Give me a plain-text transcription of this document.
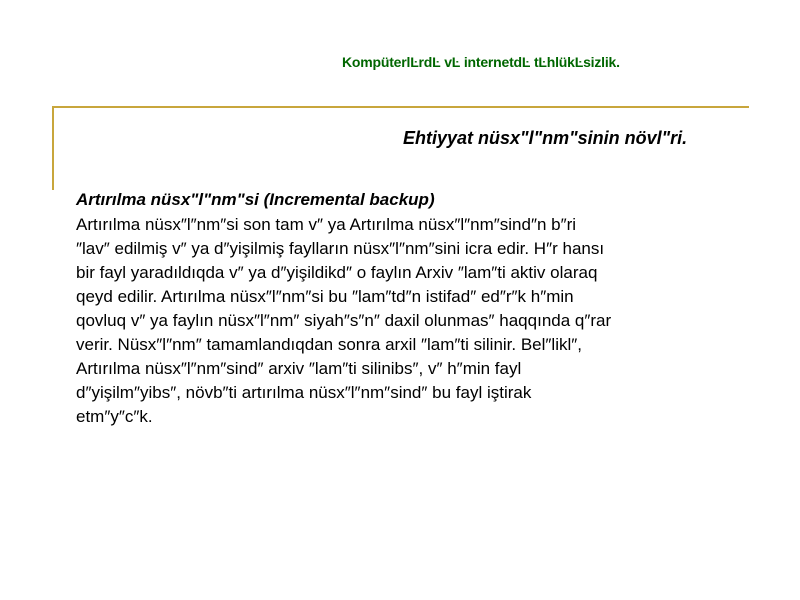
KompüterlĿrdĿ vĿ internetdĿ tĿhlükĿsizlik.
Ehtiyyat nüsx"l"nm"sinin növl"ri.
Artırılma nüsx"l"nm"si (Incremental backup)
Artırılma nüsx″l″nm″si son tam v″ ya Artırılma nüsx″l″nm″sind″n b″ri
″lav″ edilmiş v″ ya d″yişilmiş faylların nüsx″l″nm″sini icra edir. H″r hansı
bir fayl yaradıldıqda v″ ya d″yişildikd″ o faylın Arxiv ″lam″ti aktiv olaraq
qeyd edilir. Artırılma nüsx″l″nm″si bu ″lam″td″n istifad″ ed″r″k h″min
qovluq v″ ya faylın nüsx″l″nm″ siyah″s″n″ daxil olunmas″ haqqında q″rar
verir. Nüsx″l″nm″ tamamlandıqdan sonra arxil ″lam″ti silinir. Bel″likl″,
Artırılma nüsx″l″nm″sind″ arxiv ″lam″ti silinibs″, v″ h″min fayl
d″yişilm″yibs″, növb″ti artırılma nüsx″l″nm″sind″ bu fayl iştirak
etm″y″c″k.
